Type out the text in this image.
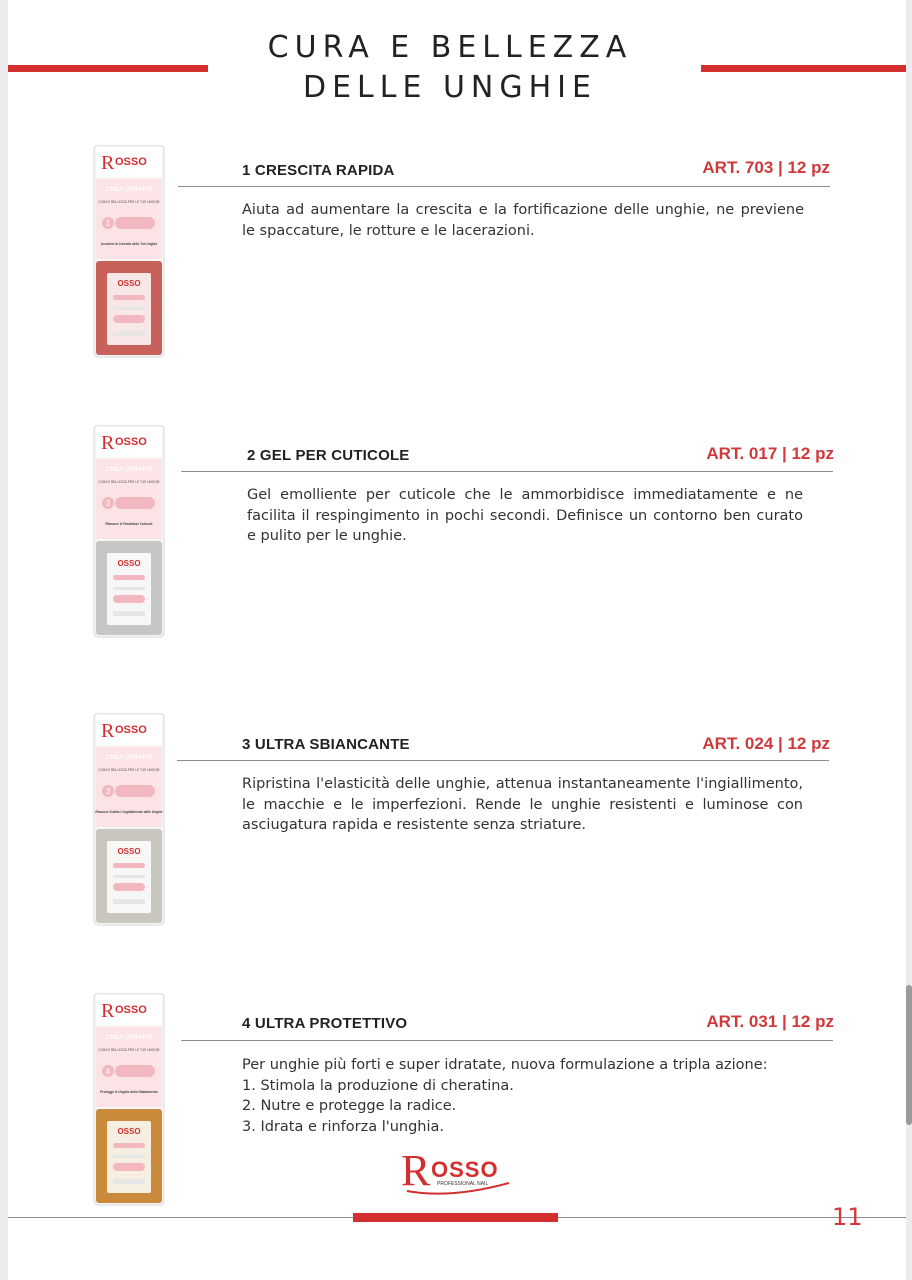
CURA E BELLEZZA
DELLE UNGHIE
R OSSO
LINEA CURATIVI
CURA E BELLEZZA PER LE TUE UNGHIE
1
Accelera la Crescita delle Tue Unghie
OSSO
1 CRESCITA RAPIDA	ART. 703 | 12 pz
Aiuta ad aumentare la crescita e la fortificazione delle unghie, ne previene
le spaccature, le rotture e le lacerazioni.
R OSSO
LINEA CURATIVI
CURA E BELLEZZA PER LE TUE UNGHIE
2
Rimuove le Fastidiose Cuticole
OSSO
2 GEL PER CUTICOLE	ART. 017 | 12 pz
Gel emolliente per cuticole che le ammorbidisce immediatamente e ne
facilita il respingimento in pochi secondi. Definisce un contorno ben curato
e pulito per le unghie.
R OSSO
LINEA CURATIVI
CURA E BELLEZZA PER LE TUE UNGHIE
3
Rimuove Subito L'ingiallimento delle Unghie
OSSO
3 ULTRA SBIANCANTE	ART. 024 | 12 pz
Ripristina l'elasticità delle unghie, attenua instantaneamente l'ingiallimento,
le macchie e le imperfezioni. Rende le unghie resistenti e luminose con
asciugatura rapida e resistente senza striature.
R OSSO
LINEA CURATIVI
CURA E BELLEZZA PER LE TUE UNGHIE
4
Protegge le Unghie dallo Sfaldamento
OSSO
4 ULTRA PROTETTIVO	ART. 031 | 12 pz
Per unghie più forti e super idratate, nuova formulazione a tripla azione:
1. Stimola la produzione di cheratina.
2. Nutre e protegge la radice.
3. Idrata e rinforza l'unghia.
11
R OSSO
PROFESSIONAL NAIL
